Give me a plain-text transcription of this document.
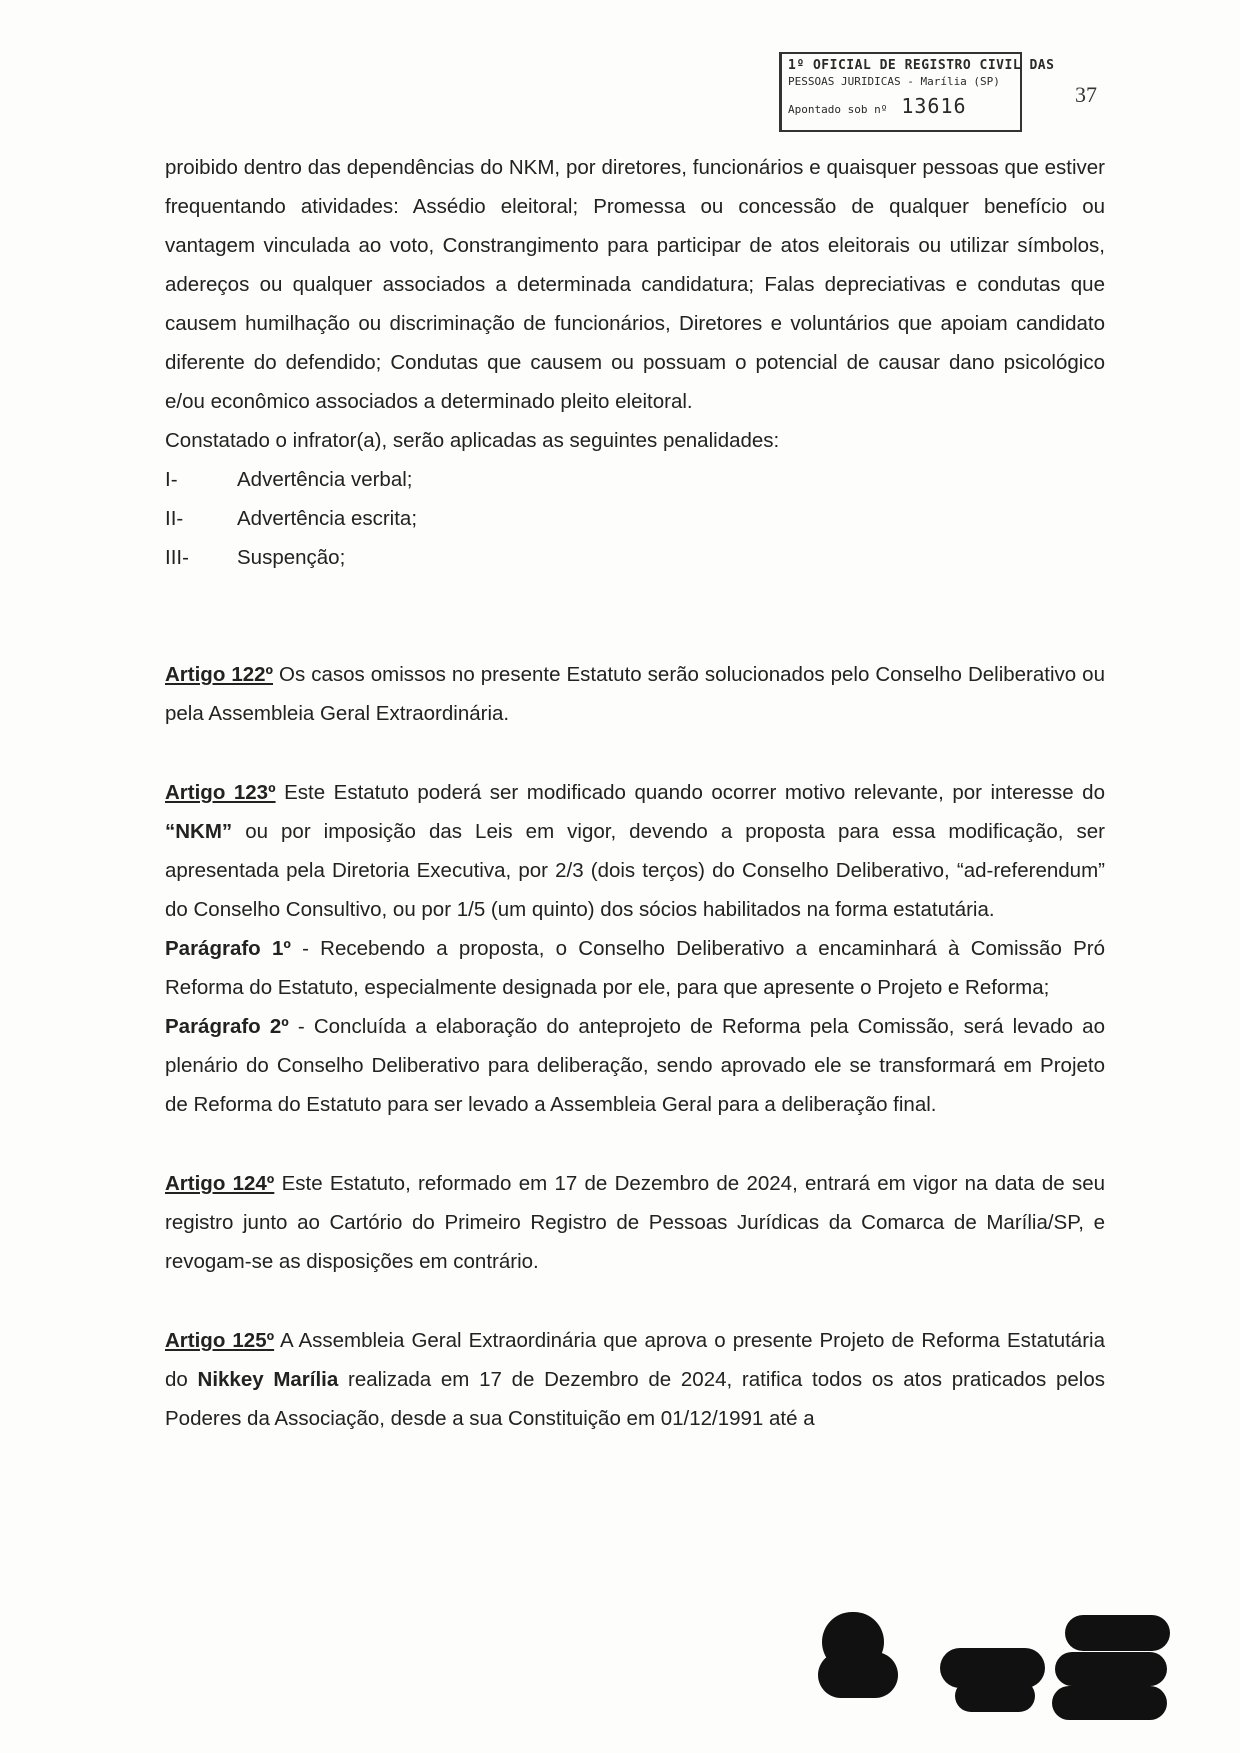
1º OFICIAL DE REGISTRO CIVIL DAS
PESSOAS JURIDICAS - Marília (SP)
Apontado sob nº 13616	37

proibido dentro das dependências do NKM, por diretores, funcionários e quaisquer pessoas que estiver frequentando atividades: Assédio eleitoral; Promessa ou concessão de qualquer benefício ou vantagem vinculada ao voto, Constrangimento para participar de atos eleitorais ou utilizar símbolos, adereços ou qualquer associados a determinada candidatura; Falas depreciativas e condutas que causem humilhação ou discriminação de funcionários, Diretores e voluntários que apoiam candidato diferente do defendido; Condutas que causem ou possuam o potencial de causar dano psicológico e/ou econômico associados a determinado pleito eleitoral.

Constatado o infrator(a), serão aplicadas as seguintes penalidades:

I-	Advertência verbal;
II-	Advertência escrita;
III-	Suspenção;

Artigo 122º Os casos omissos no presente Estatuto serão solucionados pelo Conselho Deliberativo ou pela Assembleia Geral Extraordinária.

Artigo 123º Este Estatuto poderá ser modificado quando ocorrer motivo relevante, por interesse do “NKM” ou por imposição das Leis em vigor, devendo a proposta para essa modificação, ser apresentada pela Diretoria Executiva, por 2/3 (dois terços) do Conselho Deliberativo, “ad-referendum” do Conselho Consultivo, ou por 1/5 (um quinto) dos sócios habilitados na forma estatutária.

Parágrafo 1º - Recebendo a proposta, o Conselho Deliberativo a encaminhará à Comissão Pró Reforma do Estatuto, especialmente designada por ele, para que apresente o Projeto e Reforma;

Parágrafo 2º - Concluída a elaboração do anteprojeto de Reforma pela Comissão, será levado ao plenário do Conselho Deliberativo para deliberação, sendo aprovado ele se transformará em Projeto de Reforma do Estatuto para ser levado a Assembleia Geral para a deliberação final.

Artigo 124º Este Estatuto, reformado em 17 de Dezembro de 2024, entrará em vigor na data de seu registro junto ao Cartório do Primeiro Registro de Pessoas Jurídicas da Comarca de Marília/SP, e revogam-se as disposições em contrário.

Artigo 125º A Assembleia Geral Extraordinária que aprova o presente Projeto de Reforma Estatutária do Nikkey Marília realizada em 17 de Dezembro de 2024, ratifica todos os atos praticados pelos Poderes da Associação, desde a sua Constituição em 01/12/1991 até a
